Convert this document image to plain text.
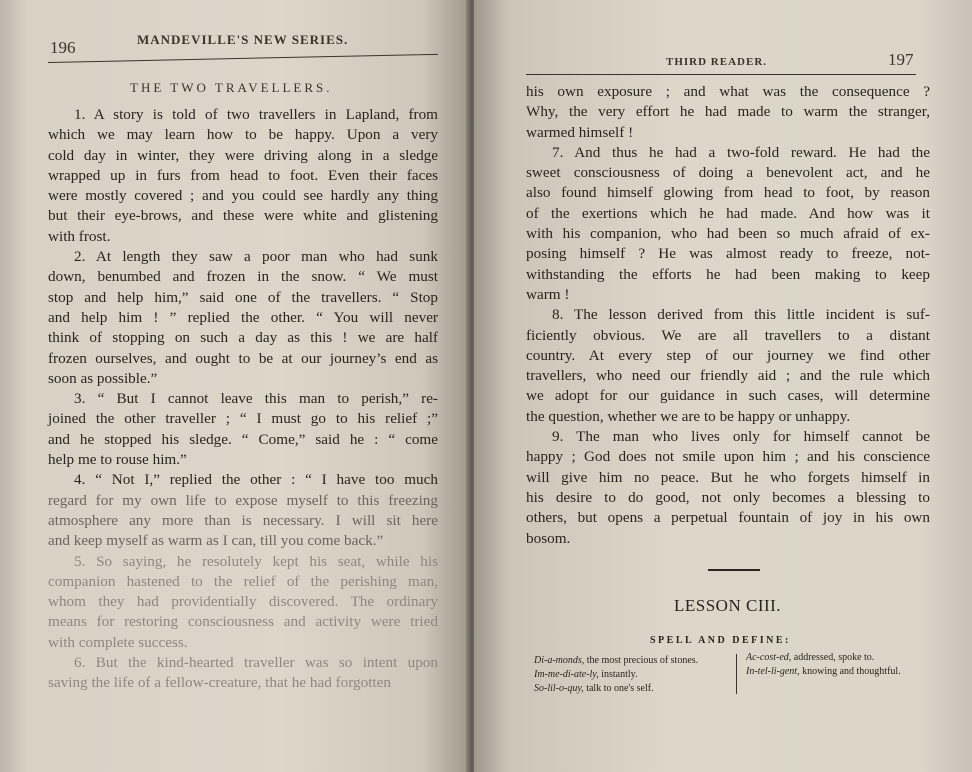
196	MANDEVILLE'S NEW SERIES.
THE TWO TRAVELLERS.
1. A story is told of two travellers in Lapland, from
which we may learn how to be happy. Upon a very
cold day in winter, they were driving along in a sledge
wrapped up in furs from head to foot. Even their faces
were mostly covered ; and you could see hardly any thing
but their eye-brows, and these were white and glistening
with frost.
2. At length they saw a poor man who had sunk
down, benumbed and frozen in the snow. “ We must
stop and help him,” said one of the travellers. “ Stop
and help him ! ” replied the other. “ You will never
think of stopping on such a day as this ! we are half
frozen ourselves, and ought to be at our journey’s end as
soon as possible.”
3. “ But I cannot leave this man to perish,” re-
joined the other traveller ; “ I must go to his relief ;”
and he stopped his sledge. “ Come,” said he : “ come
help me to rouse him.”
4. “ Not I,” replied the other : “ I have too much
regard for my own life to expose myself to this freezing
atmosphere any more than is necessary. I will sit here
and keep myself as warm as I can, till you come back.”
5. So saying, he resolutely kept his seat, while his
companion hastened to the relief of the perishing man,
whom they had providentially discovered. The ordinary
means for restoring consciousness and activity were tried
with complete success.
6. But the kind-hearted traveller was so intent upon
saving the life of a fellow-creature, that he had forgotten
THIRD READER.	197
his own exposure ; and what was the consequence ?
Why, the very effort he had made to warm the stranger,
warmed himself !
7. And thus he had a two-fold reward. He had the
sweet consciousness of doing a benevolent act, and he
also found himself glowing from head to foot, by reason
of the exertions which he had made. And how was it
with his companion, who had been so much afraid of ex-
posing himself ? He was almost ready to freeze, not-
withstanding the efforts he had been making to keep
warm !
8. The lesson derived from this little incident is suf-
ficiently obvious. We are all travellers to a distant
country. At every step of our journey we find other
travellers, who need our friendly aid ; and the rule which
we adopt for our guidance in such cases, will determine
the question, whether we are to be happy or unhappy.
9. The man who lives only for himself cannot be
happy ; God does not smile upon him ; and his conscience
will give him no peace. But he who forgets himself in
his desire to do good, not only becomes a blessing to
others, but opens a perpetual fountain of joy in his own
bosom.
LESSON CIII.
SPELL AND DEFINE:
Di-a-monds, the most precious of stones.
Im-me-di-ate-ly, instantly.
So-lil-o-quy, talk to one's self.
Ac-cost-ed, addressed, spoke to.
In-tel-li-gent, knowing and thoughtful.
